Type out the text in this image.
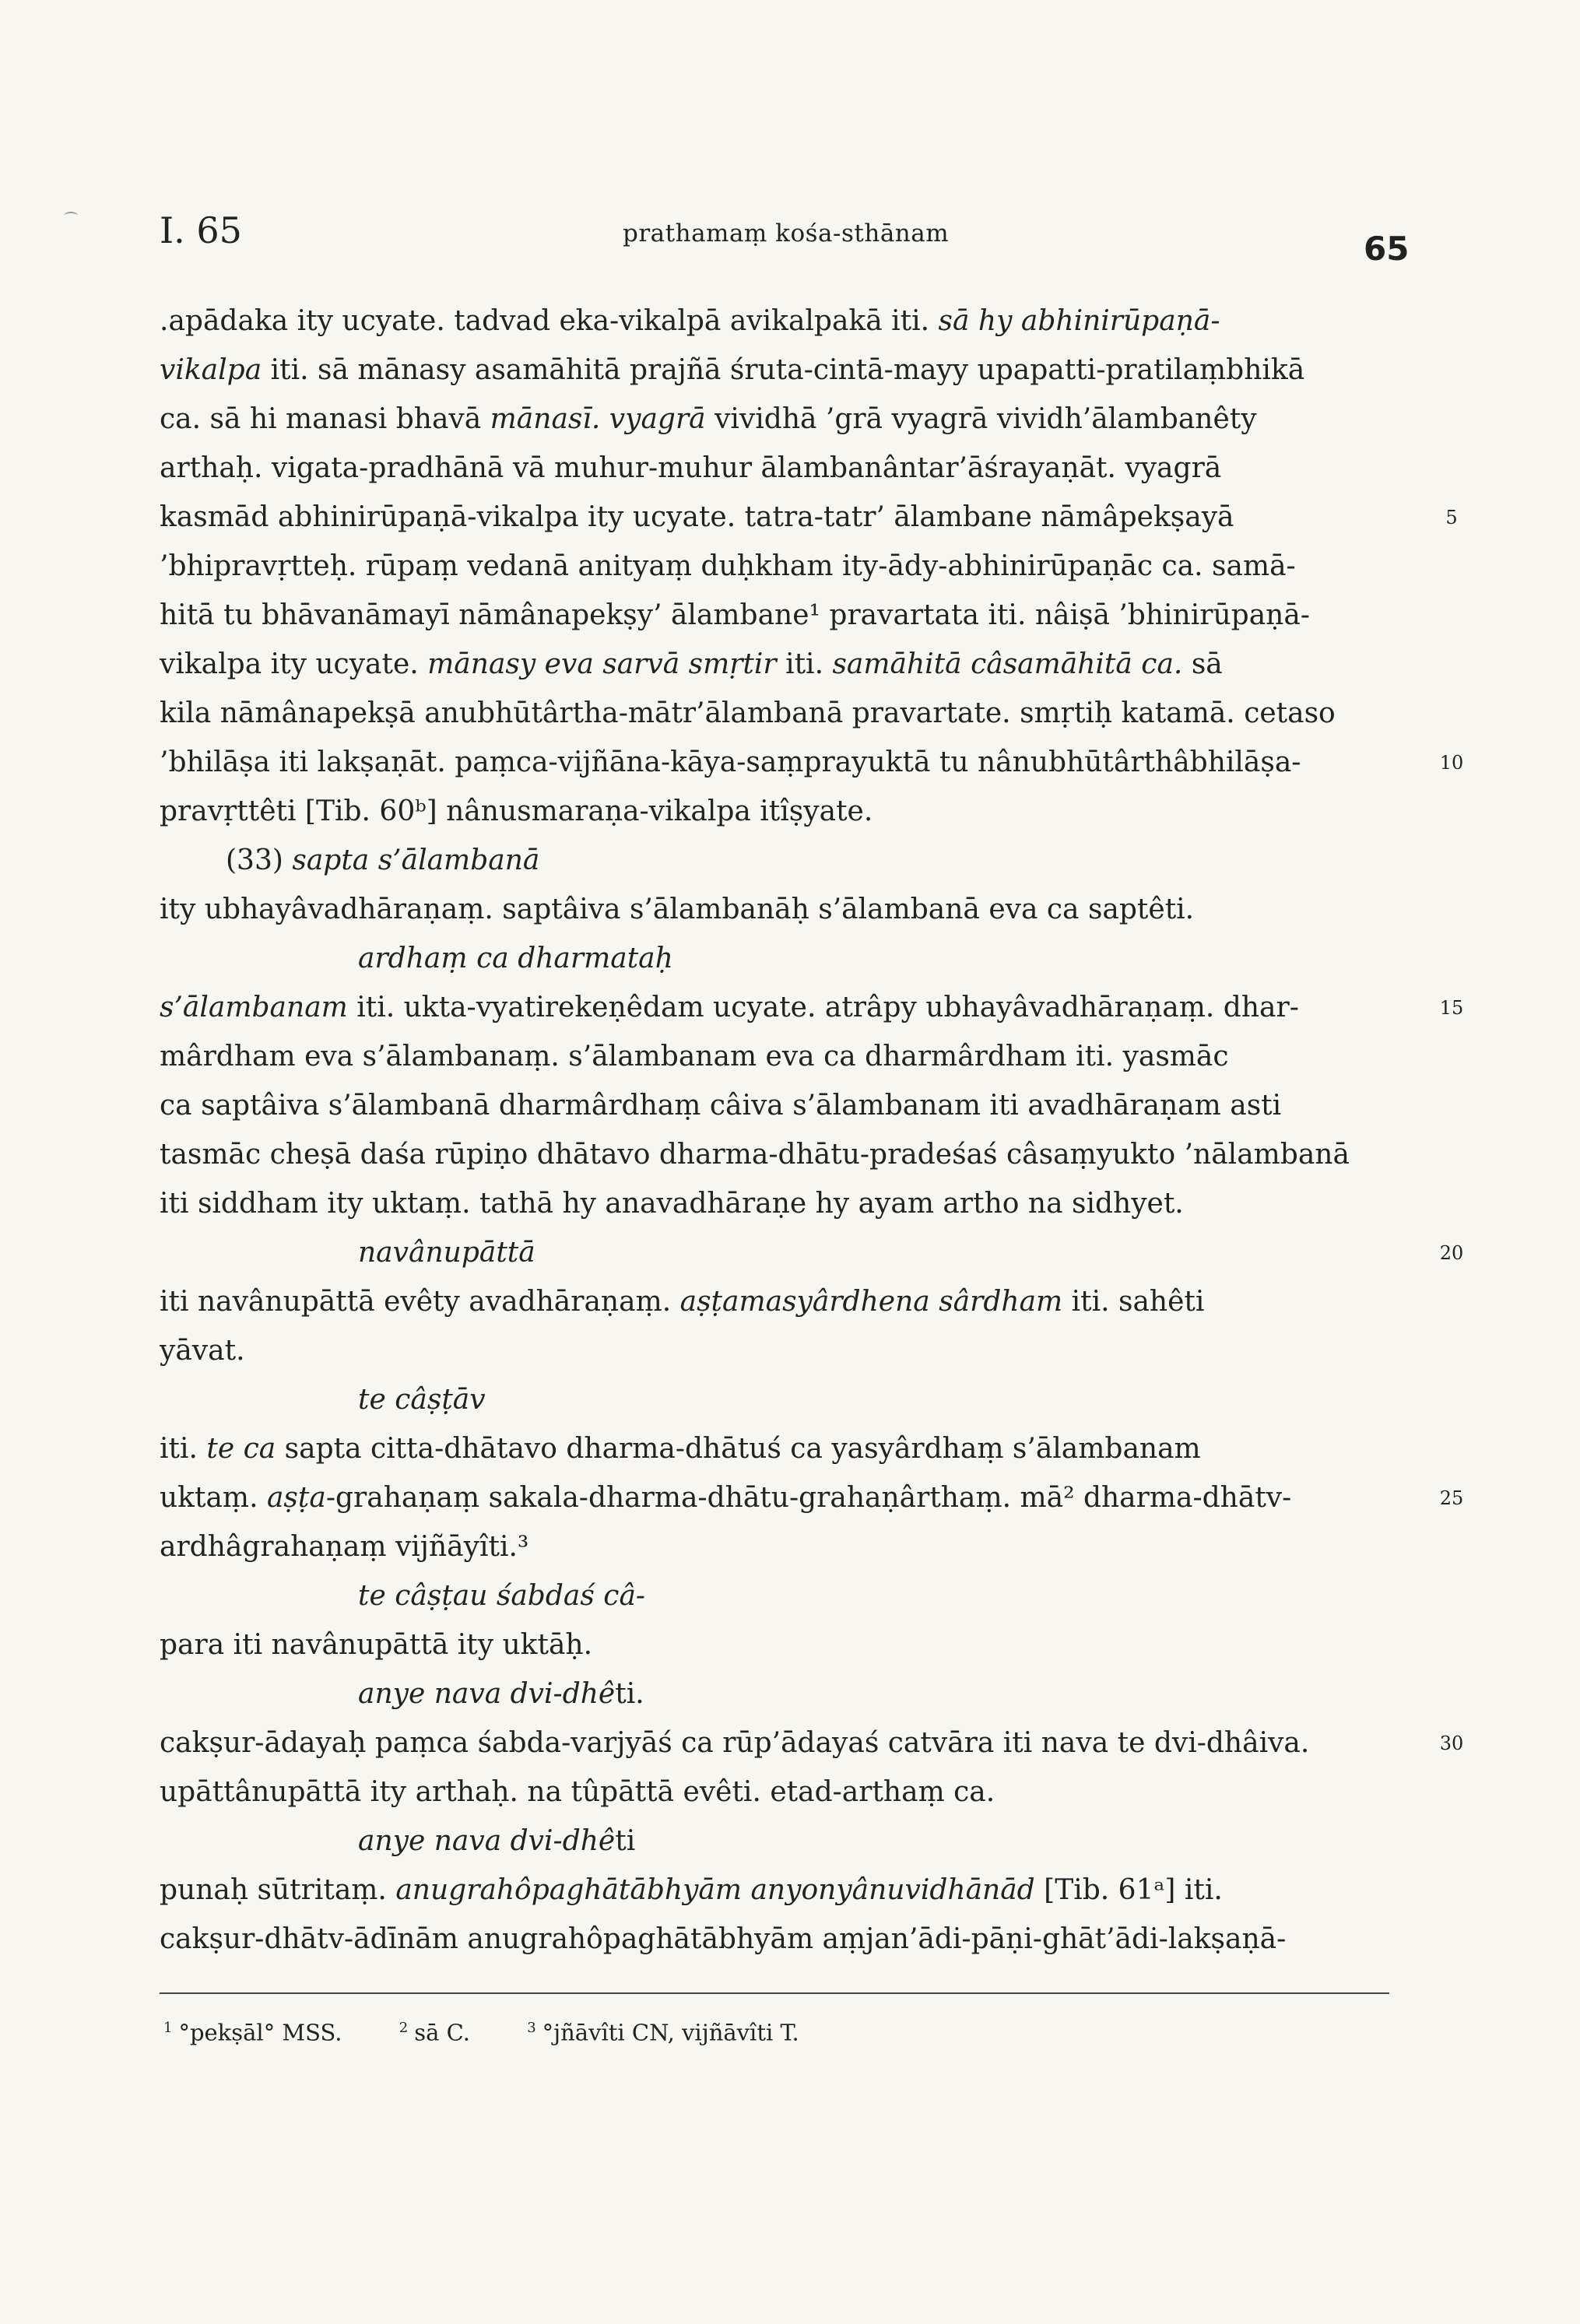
I. 65	prathamaṃ kośa-sthānam	65
.apādaka ity ucyate. tadvad eka-vikalpā avikalpakā iti. sā hy abhinirūpaṇā-
vikalpa iti. sā mānasy asamāhitā prajñā śruta-cintā-mayy upapatti-pratilaṃbhikā
ca. sā hi manasi bhavā mānasī. vyagrā vividhā ’grā vyagrā vividh’ālambanêty
arthaḥ. vigata-pradhānā vā muhur-muhur ālambanântar’āśrayaṇāt. vyagrā
kasmād abhinirūpaṇā-vikalpa ity ucyate. tatra-tatr’ ālambane nāmâpekṣayā
’bhipravṛtteḥ. rūpaṃ vedanā anityaṃ duḥkham ity-ādy-abhinirūpaṇāc ca. samā-
hitā tu bhāvanāmayī nāmânapekṣy’ ālambane¹ pravartata iti. nâiṣā ’bhinirūpaṇā-
vikalpa ity ucyate. mānasy eva sarvā smṛtir iti. samāhitā câsamāhitā ca. sā
kila nāmânapekṣā anubhūtârtha-mātr’ālambanā pravartate. smṛtiḥ katamā. cetaso
’bhilāṣa iti lakṣaṇāt. paṃca-vijñāna-kāya-saṃprayuktā tu nânubhūtârthâbhilāṣa-
pravṛttêti [Tib. 60ᵇ] nânusmaraṇa-vikalpa itîṣyate.
(33) sapta s’ālambanā
ity ubhayâvadhāraṇaṃ. saptâiva s’ālambanāḥ s’ālambanā eva ca saptêti.
ardhaṃ ca dharmataḥ
s’ālambanam iti. ukta-vyatirekeṇêdam ucyate. atrâpy ubhayâvadhāraṇaṃ. dhar-
mârdham eva s’ālambanaṃ. s’ālambanam eva ca dharmârdham iti. yasmāc
ca saptâiva s’ālambanā dharmârdhaṃ câiva s’ālambanam iti avadhāraṇam asti
tasmāc cheṣā daśa rūpiṇo dhātavo dharma-dhātu-pradeśaś câsaṃyukto ’nālambanā
iti siddham ity uktaṃ. tathā hy anavadhāraṇe hy ayam artho na sidhyet.
navânupāttā
iti navânupāttā evêty avadhāraṇaṃ. aṣṭamasyârdhena sârdham iti. sahêti
yāvat.
te câṣṭāv
iti. te ca sapta citta-dhātavo dharma-dhātuś ca yasyârdhaṃ s’ālambanam
uktaṃ. aṣṭa-grahaṇaṃ sakala-dharma-dhātu-grahaṇârthaṃ. mā² dharma-dhātv-
ardhâgrahaṇaṃ vijñāyîti.³
te câṣṭau śabdaś câ-
para iti navânupāttā ity uktāḥ.
anye nava dvi-dhêti.
cakṣur-ādayaḥ paṃca śabda-varjyāś ca rūp’ādayaś catvāra iti nava te dvi-dhâiva.
upāttânupāttā ity arthaḥ. na tûpāttā evêti. etad-arthaṃ ca.
anye nava dvi-dhêti
punaḥ sūtritaṃ. anugrahôpaghātābhyām anyonyânuvidhānād [Tib. 61ᵃ] iti.
cakṣur-dhātv-ādīnām anugrahôpaghātābhyām aṃjan’ādi-pāṇi-ghāt’ādi-lakṣaṇā-
5
10
15
20
25
30
$^1$ °pekṣāl° MSS.	$^2$ sā C.	$^3$ °jñāvîti CN, vijñāvîti T.
